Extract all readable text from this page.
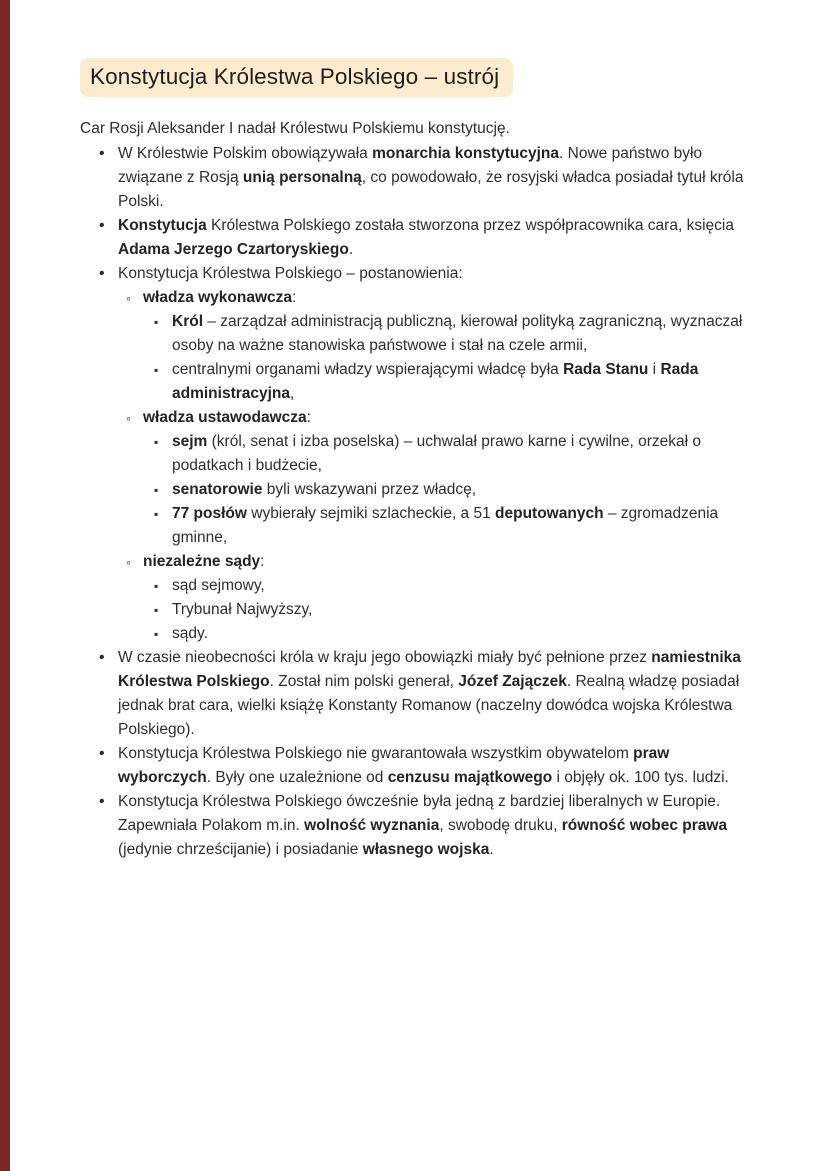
Konstytucja Królestwa Polskiego – ustrój

Car Rosji Aleksander I nadał Królestwu Polskiemu konstytucję.

• W Królestwie Polskim obowiązywała monarchia konstytucyjna. Nowe państwo było związane z Rosją unią personalną, co powodowało, że rosyjski władca posiadał tytuł króla Polski.
• Konstytucja Królestwa Polskiego została stworzona przez współpracownika cara, księcia Adama Jerzego Czartoryskiego.
• Konstytucja Królestwa Polskiego – postanowienia:
◦ władza wykonawcza:
▪ Król – zarządzał administracją publiczną, kierował polityką zagraniczną, wyznaczał osoby na ważne stanowiska państwowe i stał na czele armii,
▪ centralnymi organami władzy wspierającymi władcę była Rada Stanu i Rada administracyjna,
◦ władza ustawodawcza:
▪ sejm (król, senat i izba poselska) – uchwalał prawo karne i cywilne, orzekał o podatkach i budżecie,
▪ senatorowie byli wskazywani przez władcę,
▪ 77 posłów wybierały sejmiki szlacheckie, a 51 deputowanych – zgromadzenia gminne,
◦ niezależne sądy:
▪ sąd sejmowy,
▪ Trybunał Najwyższy,
▪ sądy.
• W czasie nieobecności króla w kraju jego obowiązki miały być pełnione przez namiestnika Królestwa Polskiego. Został nim polski generał, Józef Zajączek. Realną władzę posiadał jednak brat cara, wielki książę Konstanty Romanow (naczelny dowódca wojska Królestwa Polskiego).
• Konstytucja Królestwa Polskiego nie gwarantowała wszystkim obywatelom praw wyborczych. Były one uzależnione od cenzusu majątkowego i objęły ok. 100 tys. ludzi.
• Konstytucja Królestwa Polskiego ówcześnie była jedną z bardziej liberalnych w Europie. Zapewniała Polakom m.in. wolność wyznania, swobodę druku, równość wobec prawa (jedynie chrześcijanie) i posiadanie własnego wojska.
